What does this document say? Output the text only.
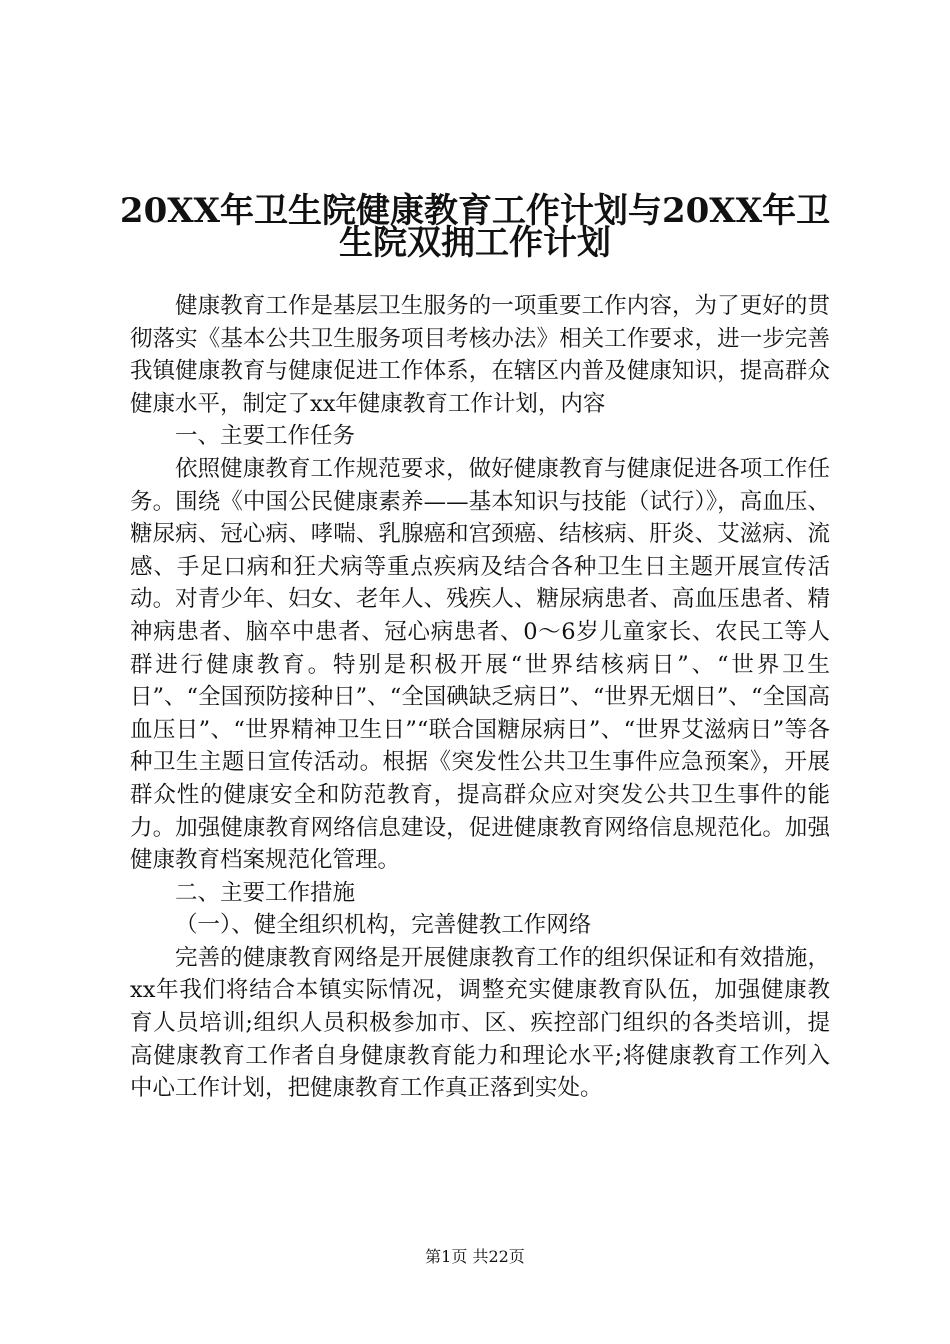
20XX年卫生院健康教育工作计划与20XX年卫
生院双拥工作计划

健康教育工作是基层卫生服务的一项重要工作内容，为了更好的贯彻落实《基本公共卫生服务项目考核办法》相关工作要求，进一步完善我镇健康教育与健康促进工作体系，在辖区内普及健康知识，提高群众健康水平，制定了xx年健康教育工作计划，内容

一、主要工作任务

依照健康教育工作规范要求，做好健康教育与健康促进各项工作任务。围绕《中国公民健康素养——基本知识与技能（试行）》，高血压、糖尿病、冠心病、哮喘、乳腺癌和宫颈癌、结核病、肝炎、艾滋病、流感、手足口病和狂犬病等重点疾病及结合各种卫生日主题开展宣传活动。对青少年、妇女、老年人、残疾人、糖尿病患者、高血压患者、精神病患者、脑卒中患者、冠心病患者、0～6岁儿童家长、农民工等人群进行健康教育。特别是积极开展“世界结核病日”、“世界卫生日”、“全国预防接种日”、“全国碘缺乏病日”、“世界无烟日”、“全国高血压日”、“世界精神卫生日”“联合国糖尿病日”、“世界艾滋病日”等各种卫生主题日宣传活动。根据《突发性公共卫生事件应急预案》，开展群众性的健康安全和防范教育，提高群众应对突发公共卫生事件的能力。加强健康教育网络信息建设，促进健康教育网络信息规范化。加强健康教育档案规范化管理。

二、主要工作措施

（一）、健全组织机构，完善健教工作网络

完善的健康教育网络是开展健康教育工作的组织保证和有效措施，xx年我们将结合本镇实际情况，调整充实健康教育队伍，加强健康教育人员培训;组织人员积极参加市、区、疾控部门组织的各类培训，提高健康教育工作者自身健康教育能力和理论水平;将健康教育工作列入中心工作计划，把健康教育工作真正落到实处。

第1页 共22页
